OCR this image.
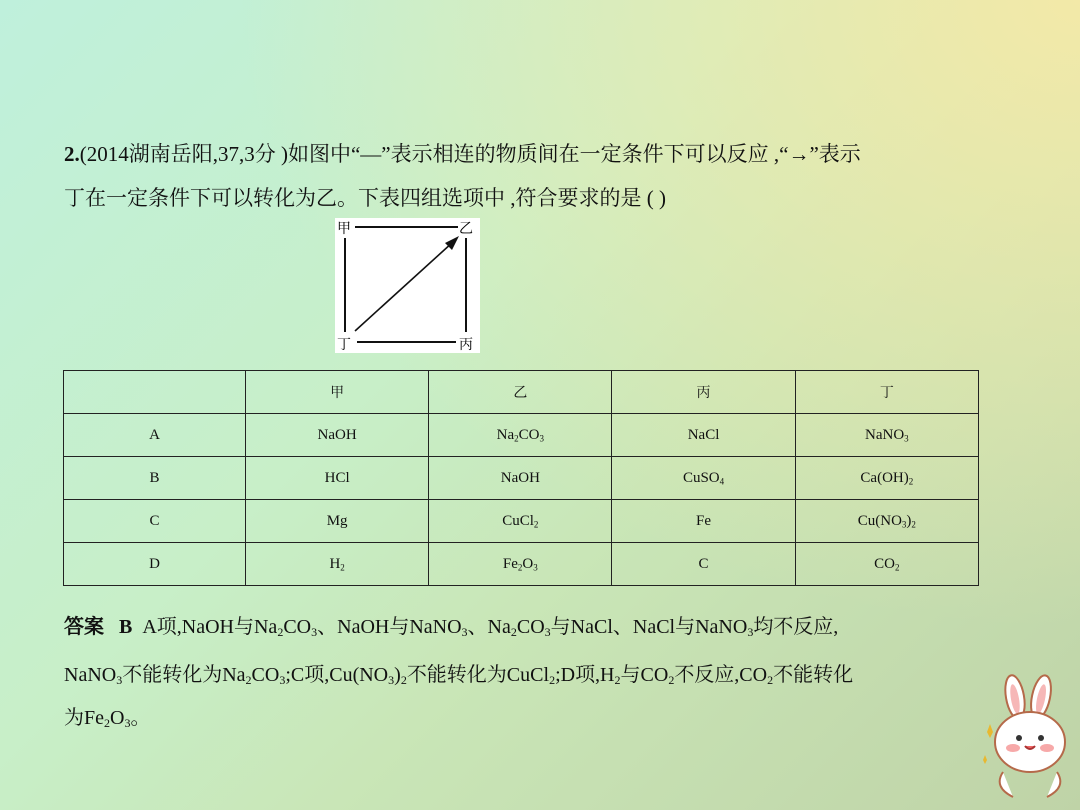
2.(2014湖南岳阳,37,3分 )如图中“—”表示相连的物质间在一定条件下可以反应 ,“→”表示
丁在一定条件下可以转化为乙。下表四组选项中 ,符合要求的是 ( )
甲	乙
丁	丙
	甲	乙	丙	丁
A	NaOH	$Na_2CO_3$	NaCl	NaNO$_3$
B	HCl	NaOH	CuSO$_4$	$Ca(OH)_2$
C	Mg	CuCl$_2$	Fe	$Cu(NO_3)_2$
D	$H_2$	$Fe_2O_3$	C	$CO_2$
答案 B A项,NaOH与$Na_2CO_3$、NaOH与NaNO$_3$、$Na_2CO_3$与NaCl、NaCl与NaNO$_3$均不反应,
NaNO$_3$不能转化为$Na_2CO_3;C$项$,Cu(NO_3)_2$不能转化为CuCl$_2$;D项$,H_2$与$CO_2$不反应$,CO_2$不能转化
为$Fe_2O_3$。
